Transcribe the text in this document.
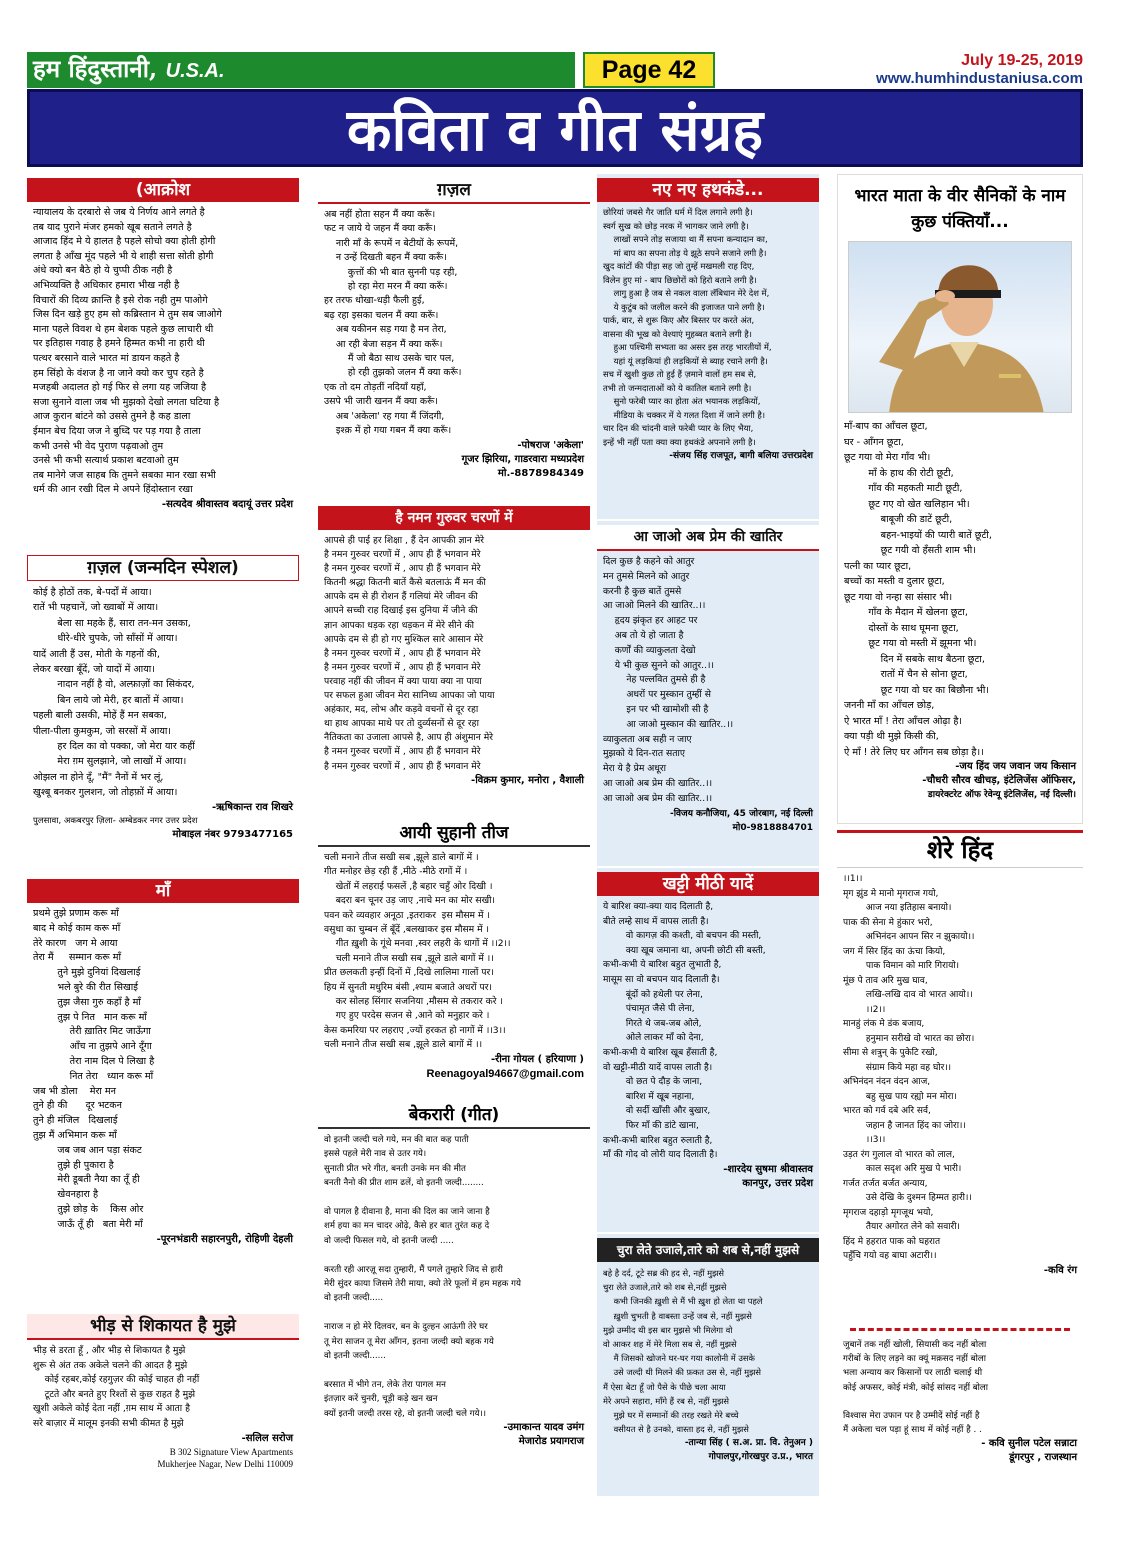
हम हिंदुस्तानी, U.S.A.	Page 42	July 19-25, 2019
www.humhindustaniusa.com
कविता व गीत संग्रह
(आक्रोश
न्यायालय के दरबारो से जब ये निर्णय आने लगते है
तब याद पुराने मंजर हमको खूब सताने लगते है
आजाद हिंद मे ये हालत है पहले सोचो क्या होती होगी
लगता है आँख मूंद पहले भी ये शाही सत्ता सोती होगी
अंधे क्यो बन बैठे हो ये चुप्पी ठीक नही है
अभिव्यक्ति है अधिकार हमारा भीख नही है
विचारों की दिव्य क्रान्ति है इसे रोक नही तुम पाओगे
जिस दिन खड़े हुए हम सो कब्रिस्तान मे तुम सब जाओगे
माना पहले विवश थे हम बेशक पहले कुछ लाचारी थी
पर इतिहास गवाह है हमने हिम्मत कभी ना हारी थी
पत्थर बरसाने वाले भारत मां डायन कहते है
हम सिंहो के वंशज है ना जाने क्यो कर चुप रहते है
मजहबी अदालत हो गई फिर से लगा यह जजिया है
सजा सुनाने वाला जब भी मुझको देखो लगता घटिया है
आज कुरान बांटने को उससे तुमने है कह डाला
ईमान बेच दिया जज ने बुध्दि पर पड़ गया है ताला
कभी उनसे भी वेद पुराण पढ़वाओ तुम
उनसे भी कभी सत्यार्थ प्रकाश बटवाओ तुम
तब मानेगे जज साहब कि तुमने सबका मान रखा सभी
धर्म की आन रखी दिल मे अपने हिंदोस्तान रखा
-सत्यदेव श्रीवास्तव बदायूं उत्तर प्रदेश
ग़ज़ल (जन्मदिन स्पेशल)
कोई है होठों तक, बे-पर्दों में आया।
रातें भी पहचानें, जो ख्वाबों में आया।
बेला सा महके हैं, सारा तन-मन उसका,
धीरे-धीरे चुपके, जो साँसों में आया।
यादें आती हैं उस, मोती के गहनों की,
लेकर बरखा बूँदें, जो यादों में आया।
नादान नहीं है वो, अल्फ़ाज़ों का सिकंदर,
बिन लाये जो मेरी, हर बातों में आया।
पहली बाली उसकी, मोहें हैं मन सबका,
पीला-पीला कुमकुम, जो सरसों में आया।
हर दिल का वो पक्का, जो मेरा यार कहीं
मेरा ग़म सुलझाने, जो लाखों में आया।
ओझल ना होने दूँ, "मैं" नैनों में भर लूं,
खुश्बू बनकर गुलशन, जो तोहफ़ों में आया।
-ऋषिकान्त राव शिखरे
पुलसावा, अकबरपुर ज़िला- अम्बेडकर नगर उत्तर प्रदेश
मोबाइल नंबर 9793477165
माँ
प्रथमे तुझे प्रणाम करू माँ
बाद मे कोई काम करू माँ
तेरे कारण   जग मे आया
तेरा मैं     सम्मान करू माँ
तुने मुझे दुनियां दिखलाई
भले बुरे की रीत सिखाई
तुझ जैसा गुरु कहाँ है माँ
तुझ पे नित   मान करू माँ
तेरी ख़ातिर मिट जाऊँगा
आँच ना तुझपे आने दूँगा
तेरा नाम दिल पे लिखा है
नित तेरा   ध्यान करू माँ
जब भी डोला    मेरा मन
तुने ही की      दूर भटकन
तुने ही मंजिल   दिखलाई
तुझ मैं अभिमान करू माँ
जब जब आन पड़ा संकट
तुझे ही पुकारा है
मेरी डूबती नैया का तूँ ही
खेवनहारा है
तुझे छोड़ के    किस ओर
जाऊँ तूँ ही   बता मेरी माँ
-पूरनभंडारी सहारनपुरी, रोहिणी देहली
भीड़ से शिकायत है मुझे
भीड़ से डरता हूँ , और भीड़ से शिकायत है मुझे
शुरू से अंत तक अकेले चलने की आदत है मुझे
कोई रहबर,कोई रहगुज़र की कोई चाहत ही नहीं
टूटते और बनते हुए रिश्तों से कुछ राहत है मुझे
खुशी अकेले कोई देता नहीं ,ग़म साथ में आता है
सरे बाज़ार में मालूम इनकी सभी कीमत है मुझे
-सलिल सरोज
B 302 Signature View Apartments
Mukherjee Nagar, New Delhi 110009
ग़ज़ल
अब नहीं होता सहन मैं क्या करूँ।
फट न जाये ये जहन मैं क्या करूँ।
नारी माँ के रूपमें न बेटीयों के रूपमें,
न उन्हें दिखती बहन मैं क्या करूँ।
कुत्तों की भी बात सुननी पड़ रही,
हो रहा मेरा मरन मैं क्या करूँ।
हर तरफ धोखा-धड़ी फैली हुई,
बढ़ रहा इसका चलन मैं क्या करूँ।
अब यकीनन सड़ गया है मन तेरा,
आ रही बेजा सड़न मैं क्या करूँ।
मैं जो बैठा साथ उसके चार पल,
हो रही तुझको जलन मैं क्या करूँ।
एक तो दम तोड़तीं नदियाँ यहाँ,
उसपे भी जारी खनन मैं क्या करूँ।
अब 'अकेला' रह गया मैं जिंदगी,
इश्क़ में हो गया गबन मैं क्या करूँ।
-पोषराज 'अकेला'
गूजर झिरिया, गाडरवारा मध्यप्रदेश
मो.-8878984349
है नमन गुरुवर चरणों में
आपसे ही पाई हर शिक्षा , हैं देन आपकी ज्ञान मेरे
है नमन गुरुवर चरणों में , आप ही हैं भगवान मेरे
है नमन गुरुवर चरणों में , आप ही हैं भगवान मेरे
कितनी श्रद्धा कितनी बातें कैसे बतलाऊं मैं मन की
आपके दम से ही रोशन हैं गलियां मेरे जीवन की
आपने सच्ची राह दिखाई इस दुनिया में जीने की
ज्ञान आपका धड़क रहा धड़कन में मेरे सीने की
आपके दम से ही हो गए मुश्किल सारे आसान मेरे
है नमन गुरुवर चरणों में , आप ही हैं भगवान मेरे
है नमन गुरुवर चरणों में , आप ही हैं भगवान मेरे
परवाह नहीं की जीवन में क्या पाया क्या ना पाया
पर सफल हुआ जीवन मेरा सानिध्य आपका जो पाया
अहंकार, मद, लोभ और कड़वे वचनों से दूर रहा
था हाथ आपका माथे पर तो दुर्व्यसनों से दूर रहा
नैतिकता का उजाला आपसे है, आप ही अंशुमान मेरे
है नमन गुरुवर चरणों में , आप ही हैं भगवान मेरे
है नमन गुरुवर चरणों में , आप ही हैं भगवान मेरे
-विक्रम कुमार, मनोरा , वैशाली
आयी सुहानी तीज
चली मनाने तीज सखी सब ,झूले डाले बागों में ।
गीत मनोहर छेड़ रही हैं ,मीठे -मीठे रागों में ।
खेतों में लहराई फसलें ,है बहार चहुँ ओर दिखी ।
बदरा बन चूनर उड़ जाए ,नाचे मन का मोर सखी।
पवन करे व्यवहार अनूठा ,इतराकर  इस मौसम में ।
वसुधा का चुम्बन लें बूँदें ,बलखाकर इस मौसम में ।
गीत ख़ुशी के गूंथे मनवा ,स्वर लहरी के धागों में ।।2।।
चली मनाने तीज सखी सब ,झूले डाले बागों में ।।
प्रीत छलकती इन्हीं दिनों में ,दिखे लालिमा गालों पर।
हिय में सुनती मधुरिम बंसी ,श्याम बजाते अधरों पर।
कर सोलह सिंगार सजनिया ,मौसम से तकरार करे ।
गए हुए परदेस सजन से ,आने को मनुहार करे ।
केस कमरिया पर लहराए ,ज्यों हरकत हो नागों में ।।3।।
चली मनाने तीज सखी सब ,झूले डाले बागों में ।।
-रीना गोयल ( हरियाणा )
Reenagoyal94667@gmail.com
बेकरारी (गीत)
वो इतनी जल्दी चले गये, मन की बात कह पाती
इससे पहले मेरी नाव से उतर गये।
सुनाती प्रीत भरे गीत, बनती उनके मन की मीत
बनती नैनो की प्रीत शाम ढलें, वो इतनी जल्दी........

वो पागल है दीवाना है, माना की दिल का जाने जाना है
शर्म हया का मन चादर ओढ़े, कैसे हर बात तुरंत कह दे
वो जल्दी फिसल गये, वो इतनी जल्दी .....

करती रही आरज़ू सदा तुम्हारी, मैं पगले तुम्हारे जिद से हारी
मेरी सुंदर काया जिसमे तेरी माया, क्यो तेरे फूलों में हम महक गये
वो इतनी जल्दी.....

नाराज न हो मेरे दिलवर, बन के दुल्हन आऊंगी तेरे घर
तू मेरा साजन तू मेरा आँगन, इतना जल्दी क्यो बहक गये
वो इतनी जल्दी......

बरसात में भीगे तन, लेके तेरा पागल मन
इंतज़ार करें चुनरी, चूड़ी कड़े खन खन
क्यों इतनी जल्दी तरस रहे, वो इतनी जल्दी चले गये।।
-उमाकान्त यादव उमंग
मेजारोड प्रयागराज
नए नए हथकंडे...
छोरियां जबसे गैर जाति धर्म में दिल लगाने लगी है।
स्वर्ग सुख को छोड़ नरक में भागकर जाने लगी है।
लाखों सपने तोड़ सजाया था मैं सपना कन्यादान का,
मां बाप का सपना तोड़ ये झूठे सपने सजाने लगी है।
खुद कांटों की पीड़ा सह जो तुम्हें मखमली राह दिए,
विलेन हुए मां - बाप छिछोरों को हिरो बताने लगी है।
लागु हुआ है जब से नकल वाला लॅबिधान मेरे देश में,
ये कुटुंब को जलील करने की इजाजत पाने लगी है।
पार्क, बार, से शुरू किए और बिस्तर पर करते अंत,
वासना की भूख को वेश्याएं मुहब्बत बताने लगी है।
हुआ पश्चिमी सभ्यता का असर इस तरह भारतीयों में,
यहां यूं लड़कियां ही लड़कियों से ब्याह रचाने लगी है।
सच में खुशी कुछ तो हुई हैं ज़माने वालों हम सब से,
तभी तो जन्मदाताओं को ये कातिल बताने लगी है।
सुनो फरेबी प्यार का होता अंत भयानक लड़कियों,
मीडिया के चक्कर में ये गलत दिशा में जाने लगी है।
चार दिन की चांदनी वाले फरेबी प्यार के लिए भैया,
इन्हें भी नहीं पता क्या क्या हथकंडे अपनाने लगी है।
-संजय सिंह राजपूत, बागी बलिया उत्तरप्रदेश
आ जाओ अब प्रेम की खातिर
दिल कुछ है कहने को आतुर
मन तुमसे मिलने को आतुर
करनी है कुछ बातें तुमसे
आ जाओ मिलने की खातिर..।।
हृदय झंकृत हर आहट पर
अब तो ये हो जाता है
कर्णों की व्याकुलता देखो
ये भी कुछ सुनने को आतुर..।।
नेह पल्लवित तुमसे ही है
अधरों पर मुस्कान तुम्हीं से
इन पर भी खामोशी सी है
आ जाओ मुस्कान की खातिर..।।
व्याकुलता अब सही न जाए
मुझको ये दिन-रात सताए
मेरा ये है प्रेम अधूरा
आ जाओ अब प्रेम की खातिर..।।
आ जाओ अब प्रेम की खातिर..।।
-विजय कनौजिया, 45 जोरबाग, नई दिल्ली
मो0-9818884701
खट्टी मीठी यादें
ये बारिश क्या-क्या याद दिलाती है,
बीते लम्हे साथ में वापस लाती है।
वो कागज़ की कश्ती, वो बचपन की मस्ती,
क्या खूब जमाना था, अपनी छोटी सी बस्ती,
कभी-कभी ये बारिश बहुत लुभाती है,
मासूम सा वो बचपन याद दिलाती है।
बूंदों को हथेली पर लेना,
पंचामृत जैसे पी लेना,
गिरते थे जब-जब ओले,
ओले लाकर माँ को देना,
कभी-कभी ये बारिश खूब हँसाती है,
वो खट्टी-मीठी यादें वापस लाती है।
वो छत पे दौड़ के जाना,
बारिश में खूब नहाना,
वो सर्दी खाँसी और बुखार,
फिर माँ की डांटे खाना,
कभी-कभी बारिश बहुत रुलाती है,
माँ की गोद वो लोरी याद दिलाती है।
-शारदेय सुषमा श्रीवास्तव
कानपुर, उत्तर प्रदेश
चुरा लेते उजाले,तारे को शब से,नहीं मुझसे
बहे है दर्द, टूटे सब्र की हद से, नहीं मुझसे
चुरा लेते उजाले,तारे को शब से,नहीं मुझसे
कभी जिनकी ख़ुशी से मैं भी ख़ुश हो लेता था पहले
ख़ुशी चुभती है वाबस्ता उन्हें जब से, नहीं मुझसे
मुझे उम्मीद थी इस बार मुझसे भी मिलेगा वो
वो आकर शह में मेरे मिला सब से, नहीं मुझसे
मैं जिसको खोजने घर-घर गया कालोनी में उसके
उसे जल्दी थी मिलने की फ़कत उस से, नहीं मुझसे
मैं ऐसा बेटा हूँ जो पैसे के पीछे चला आया
मेरे अपने सहारा, माँगे हैं रब से, नहीं मुझसे
मुझे घर में सम्मानों की तरह रखते मेरे बच्चे
वसीयत से है उनको, वास्ता हद से, नहीं मुझसे
-तान्या सिंह ( स.अ. प्रा. वि. तेनुअन )
गोपालपुर,गोरखपुर उ.प्र., भारत
भारत माता के वीर सैनिकों के नाम कुछ पंक्तियाँ...
माँ-बाप का आँचल छूटा,
घर - आँगन छूटा,
छूट गया वो मेरा गाँव भी।
माँ के हाथ की रोटी छूटी,
गाँव की महकती माटी छूटी,
छूट गए वो खेत खलिहान भी।
बाबूजी की डाटें छूटी,
बहन-भाइयों की प्यारी बातें छूटी,
छूट गयी वो हँसती शाम भी।
पत्नी का प्यार छूटा,
बच्चों का मस्ती व दुलार छूटा,
छूट गया वो नन्हा सा संसार भी।
गाँव के मैदान में खेलना छूटा,
दोस्तों के साथ घूमना छूटा,
छूट गया वो मस्ती में झूमना भी।
दिन में सबके साथ बैठना छूटा,
रातों में चैन से सोना छूटा,
छूट गया वो घर का बिछौना भी।
जननी माँ का आँचल छोड़,
ऐ भारत माँ ! तेरा आँचल ओढ़ा है।
क्या पड़ी थी मुझे किसी की,
ऐ माँ ! तेरे लिए घर आँगन सब छोड़ा है।।
-जय हिंद जय जवान जय किसान
-चौधरी सौरव खीचड़, इंटेलिजेंस ऑफिसर,
डायरेक्टरेट ऑफ रेवेन्यू इंटेलिजेंस, नई दिल्ली।
शेरे हिंद
।।1।।
मृग झुंड मे मानो मृगराज गयो,
आज नया इतिहास बनायो।
पाक की सेना मे हुंकार भरो,
अभिनंदन आपन सिर न झुकायो।।
जग में सिर हिंद का ऊंचा कियो,
पाक विमान को मारि गिरायो।
मूंछ पे ताव अरि मुख घाव,
लखि-लखि दाव वो भारत आयो।।
।।2।।
मानहुं लंक मे डंक बजाय,
हनुमान सरीखे वो भारत का छोरा।
सीमा से शत्रुन् के पुकेटि रखो,
संग्राम किये महा वह घोर।।
अभिनंदन नंदन वंदन आज,
बहु सुख पाय रह्यो मन मोरा।
भारत को गर्व दबे अरि सर्व,
जहान है जानत हिंद का जोरा।।
।।3।।
उड़त रंग गुलाल वो भारत को लाल,
काल सदृश अरि मुख पे भारी।
गर्जत तर्जत बर्जत अन्याय,
उसे देखि के दुश्मन हिम्मत हारी।।
मृगराज दहाड़ो मृगजूथ भयो,
तैयार अगोरत लेने को सवारी।
हिंद मे हहरात पाक को घहरात
पहुँचि गयो वह बाघा अटारी।।
-कवि रंग
जुबानें तक नहीं खोली, सियासी कद नहीं बोला
गरीबों के लिए लड़ने का क्यूं मक़सद नहीं बोला
भला अन्याय कर किसानों पर लाठी चलाई थी
कोई अफसर, कोई मंत्री, कोई सांसद नहीं बोला

विश्वास मेरा उफान पर है उम्मीदें सोई नहीं है
मैं अकेला चल पड़ा हूं साथ में कोई नहीं है . .
- कवि सुनील पटेल सन्नाटा
डूंगरपुर , राजस्थान
